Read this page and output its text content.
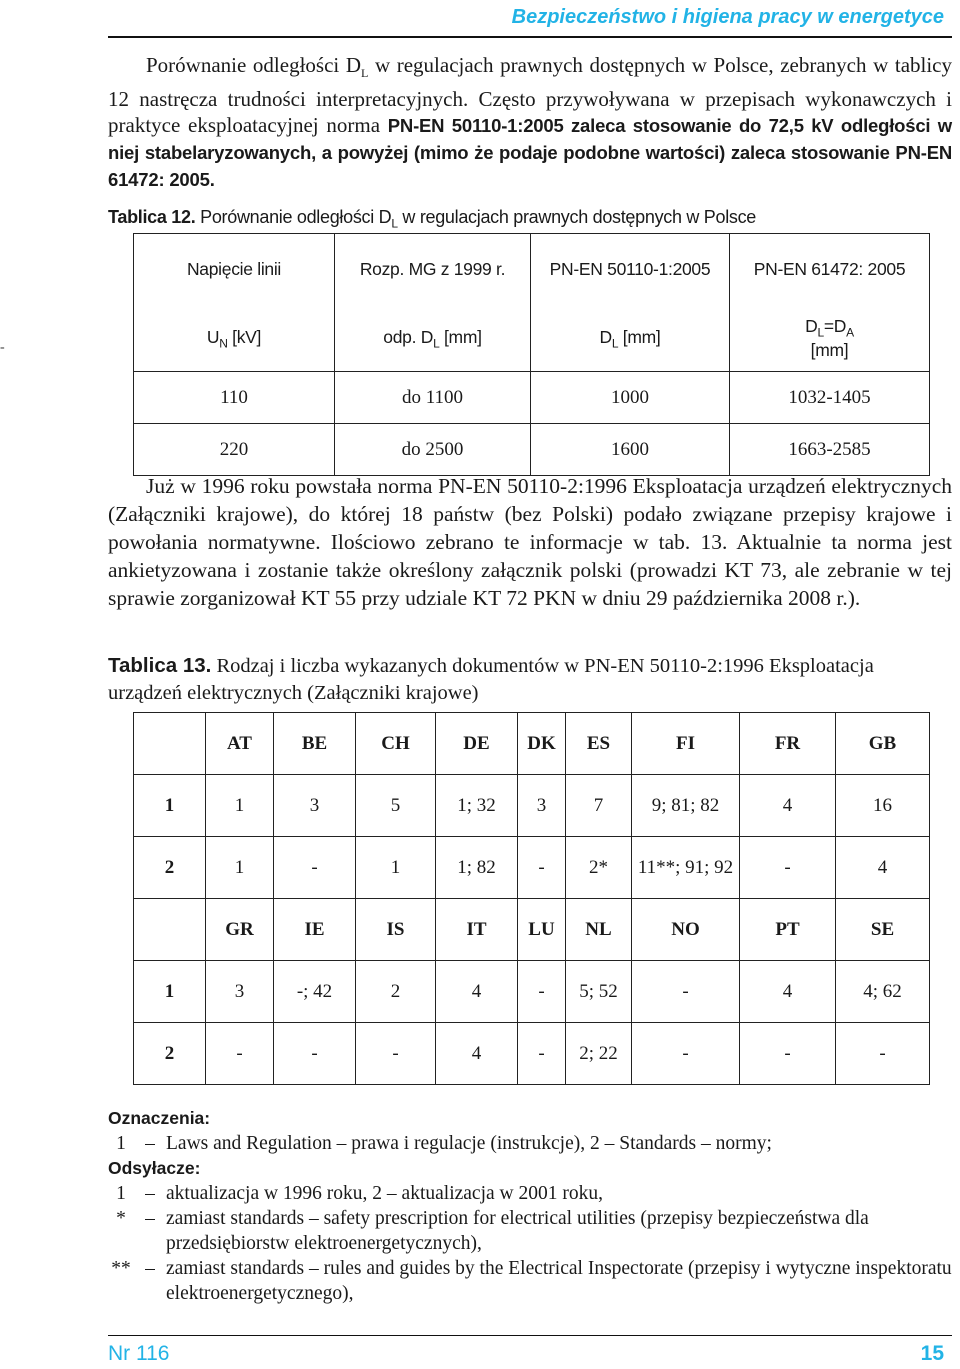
Bezpieczeństwo i higiena pracy w energetyce
-
Porównanie odległości $D_L$ w regulacjach prawnych dostępnych w Polsce, zebranych w tablicy 12 nastręcza trudności interpretacyjnych. Często przywoływana w przepisach wykonawczych i praktyce eksploatacyjnej norma PN-EN 50110-1:2005 zaleca stosowanie do 72,5 kV odległości w niej stabelaryzowanych, a powyżej (mimo że podaje podobne wartości) zaleca stosowanie PN-EN 61472: 2005.
Tablica 12. Porównanie odległości $D_L$ w regulacjach prawnych dostępnych w Polsce
Napięcie linii	Rozp. MG z 1999 r.	PN-EN 50110-1:2005	PN-EN 61472: 2005
$U_N$ [kV]	odp. $D_L$ [mm]	$D_L$ [mm]	$D_L=D_A$
[mm]
110	do 1100	1000	1032-1405
220	do 2500	1600	1663-2585
Już w 1996 roku powstała norma PN-EN 50110-2:1996 Eksploatacja urządzeń elektrycznych (Załączniki krajowe), do której 18 państw (bez Polski) podało związane przepisy krajowe i powołania normatywne. Ilościowo zebrano te informacje w tab. 13. Aktualnie ta norma jest ankietyzowana i zostanie także określony załącznik polski (prowadzi KT 73, ale zebranie w tej sprawie zorganizował KT 55 przy udziale KT 72 PKN w dniu 29 października 2008 r.).
Tablica 13. Rodzaj i liczba wykazanych dokumentów w PN-EN 50110-2:1996 Eksploatacja urządzeń elektrycznych (Załączniki krajowe)
	AT	BE	CH	DE	DK	ES	FI	FR	GB
1	1	3	5	1; 32	3	7	9; 81; 82	4	16
2	1	-	1	1; 82	-	2*	11**; 91; 92	-	4
	GR	IE	IS	IT	LU	NL	NO	PT	SE
1	3	-; 42	2	4	-	5; 52	-	4	4; 62
2	-	-	-	4	-	2; 22	-	-	-
Oznaczenia:
1 – Laws and Regulation – prawa i regulacje (instrukcje), 2 – Standards – normy;
Odsyłacze:
1 – aktualizacja w 1996 roku, 2 – aktualizacja w 2001 roku,
* – zamiast standards – safety prescription for electrical utilities (przepisy bezpieczeństwa dla przedsiębiorstw elektroenergetycznych),
** – zamiast standards – rules and guides by the Electrical Inspectorate (przepisy i wytyczne inspektoratu elektroenergetycznego),
Nr 116	15
